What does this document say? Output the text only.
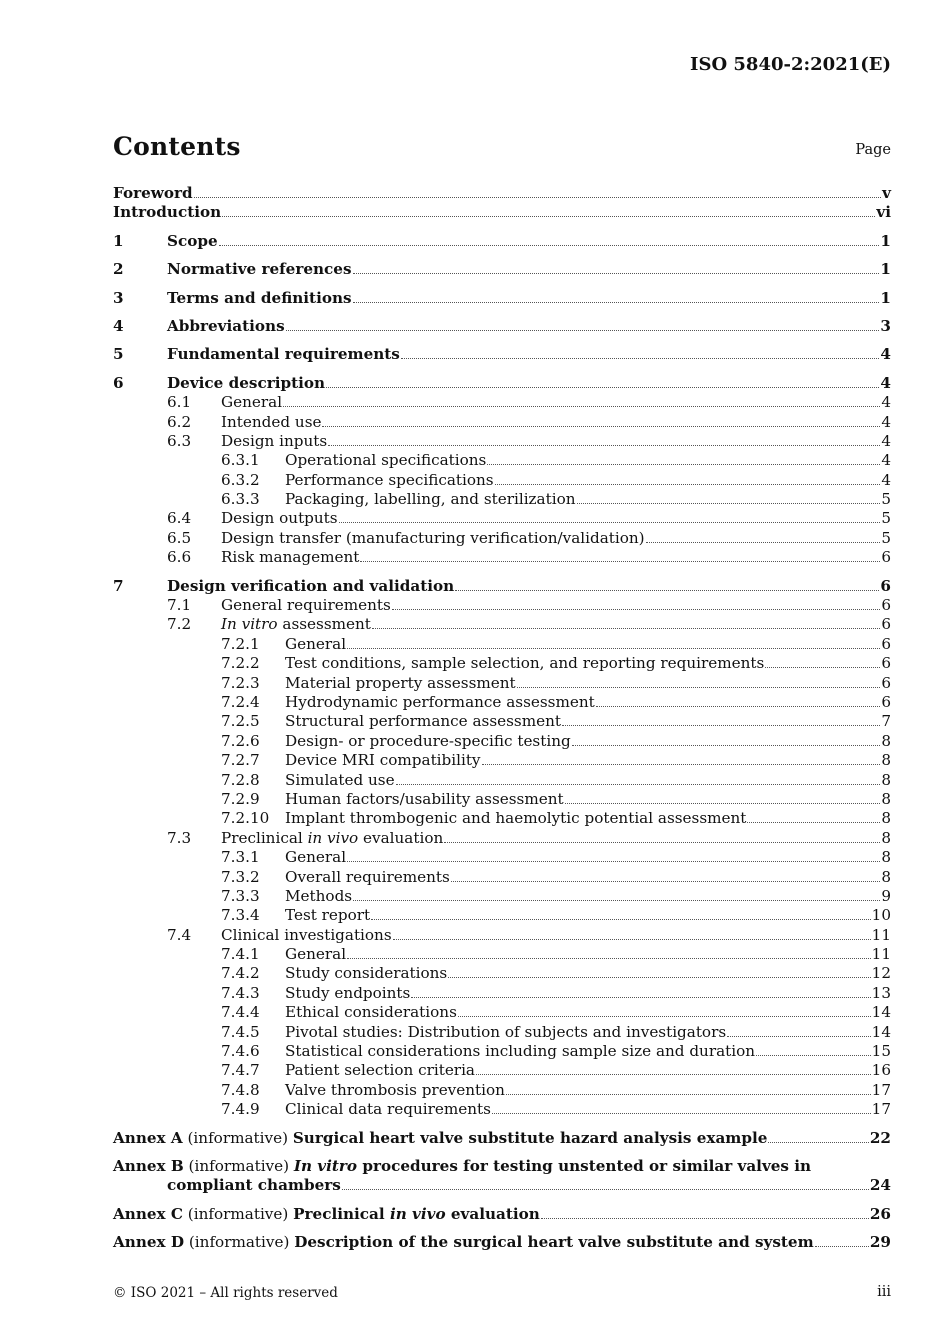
ISO 5840-2:2021(E)
Contents	Page
Foreword	v
Introduction	vi
1	Scope	1
2	Normative references	1
3	Terms and definitions	1
4	Abbreviations	3
5	Fundamental requirements	4
6	Device description	4
6.1	General	4
6.2	Intended use	4
6.3	Design inputs	4
6.3.1	Operational specifications	4
6.3.2	Performance specifications	4
6.3.3	Packaging, labelling, and sterilization	5
6.4	Design outputs	5
6.5	Design transfer (manufacturing verification/validation)	5
6.6	Risk management	6
7	Design verification and validation	6
7.1	General requirements	6
7.2	In vitro assessment	6
7.2.1	General	6
7.2.2	Test conditions, sample selection, and reporting requirements	6
7.2.3	Material property assessment	6
7.2.4	Hydrodynamic performance assessment	6
7.2.5	Structural performance assessment	7
7.2.6	Design- or procedure-specific testing	8
7.2.7	Device MRI compatibility	8
7.2.8	Simulated use	8
7.2.9	Human factors/usability assessment	8
7.2.10	Implant thrombogenic and haemolytic potential assessment	8
7.3	Preclinical in vivo evaluation	8
7.3.1	General	8
7.3.2	Overall requirements	8
7.3.3	Methods	9
7.3.4	Test report	10
7.4	Clinical investigations	11
7.4.1	General	11
7.4.2	Study considerations	12
7.4.3	Study endpoints	13
7.4.4	Ethical considerations	14
7.4.5	Pivotal studies: Distribution of subjects and investigators	14
7.4.6	Statistical considerations including sample size and duration	15
7.4.7	Patient selection criteria	16
7.4.8	Valve thrombosis prevention	17
7.4.9	Clinical data requirements	17
Annex A (informative) Surgical heart valve substitute hazard analysis example	22
Annex B (informative) In vitro procedures for testing unstented or similar valves in
compliant chambers	24
Annex C (informative) Preclinical in vivo evaluation	26
Annex D (informative) Description of the surgical heart valve substitute and system	29
© ISO 2021 – All rights reserved	iii
